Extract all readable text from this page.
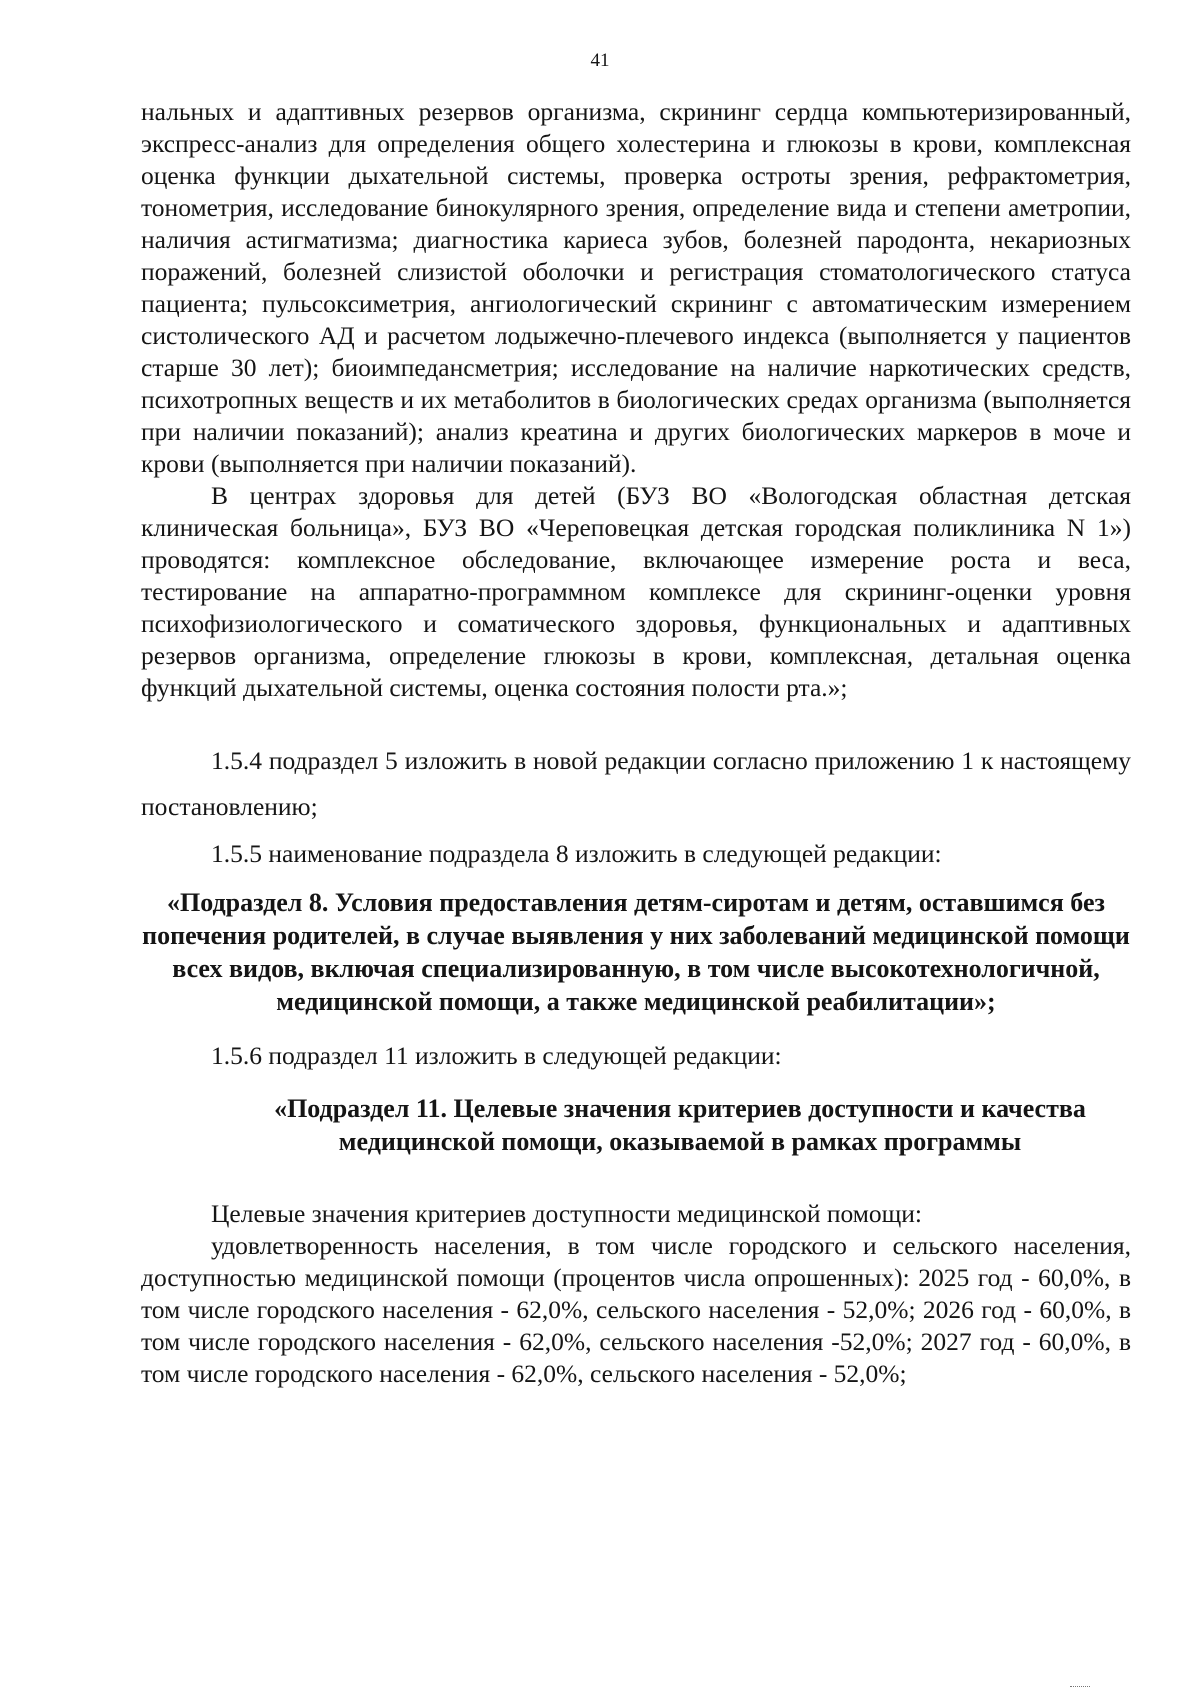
41

нальных и адаптивных резервов организма, скрининг сердца компьютеризированный, экспресс-анализ для определения общего холестерина и глюкозы в крови, комплексная оценка функции дыхательной системы, проверка остроты зрения, рефрактометрия, тонометрия, исследование бинокулярного зрения, определение вида и степени аметропии, наличия астигматизма; диагностика кариеса зубов, болезней пародонта, некариозных поражений, болезней слизистой оболочки и регистрация стоматологического статуса пациента; пульсоксиметрия, ангиологический скрининг с автоматическим измерением систолического АД и расчетом лодыжечно-плечевого индекса (выполняется у пациентов старше 30 лет); биоимпедансметрия; исследование на наличие наркотических средств, психотропных веществ и их метаболитов в биологических средах организма (выполняется при наличии показаний); анализ креатина и других биологических маркеров в моче и крови (выполняется при наличии показаний).

В центрах здоровья для детей (БУЗ ВО «Вологодская областная детская клиническая больница», БУЗ ВО «Череповецкая детская городская поликлиника N 1») проводятся: комплексное обследование, включающее измерение роста и веса, тестирование на аппаратно-программном комплексе для скрининг-оценки уровня психофизиологического и соматического здоровья, функциональных и адаптивных резервов организма, определение глюкозы в крови, комплексная, детальная оценка функций дыхательной системы, оценка состояния полости рта.»;

1.5.4 подраздел 5 изложить в новой редакции согласно приложению 1 к настоящему постановлению;

1.5.5 наименование подраздела 8 изложить в следующей редакции:

«Подраздел 8. Условия предоставления детям-сиротам и детям, оставшимся без попечения родителей, в случае выявления у них заболеваний медицинской помощи всех видов, включая специализированную, в том числе высокотехнологичной, медицинской помощи, а также медицинской реабилитации»;

1.5.6 подраздел 11 изложить в следующей редакции:

«Подраздел 11. Целевые значения критериев доступности и качества медицинской помощи, оказываемой в рамках программы

Целевые значения критериев доступности медицинской помощи:

удовлетворенность населения, в том числе городского и сельского населения, доступностью медицинской помощи (процентов числа опрошенных): 2025 год - 60,0%, в том числе городского населения - 62,0%, сельского населения - 52,0%; 2026 год - 60,0%, в том числе городского населения - 62,0%, сельского населения -52,0%; 2027 год - 60,0%, в том числе городского населения - 62,0%, сельского населения - 52,0%;
